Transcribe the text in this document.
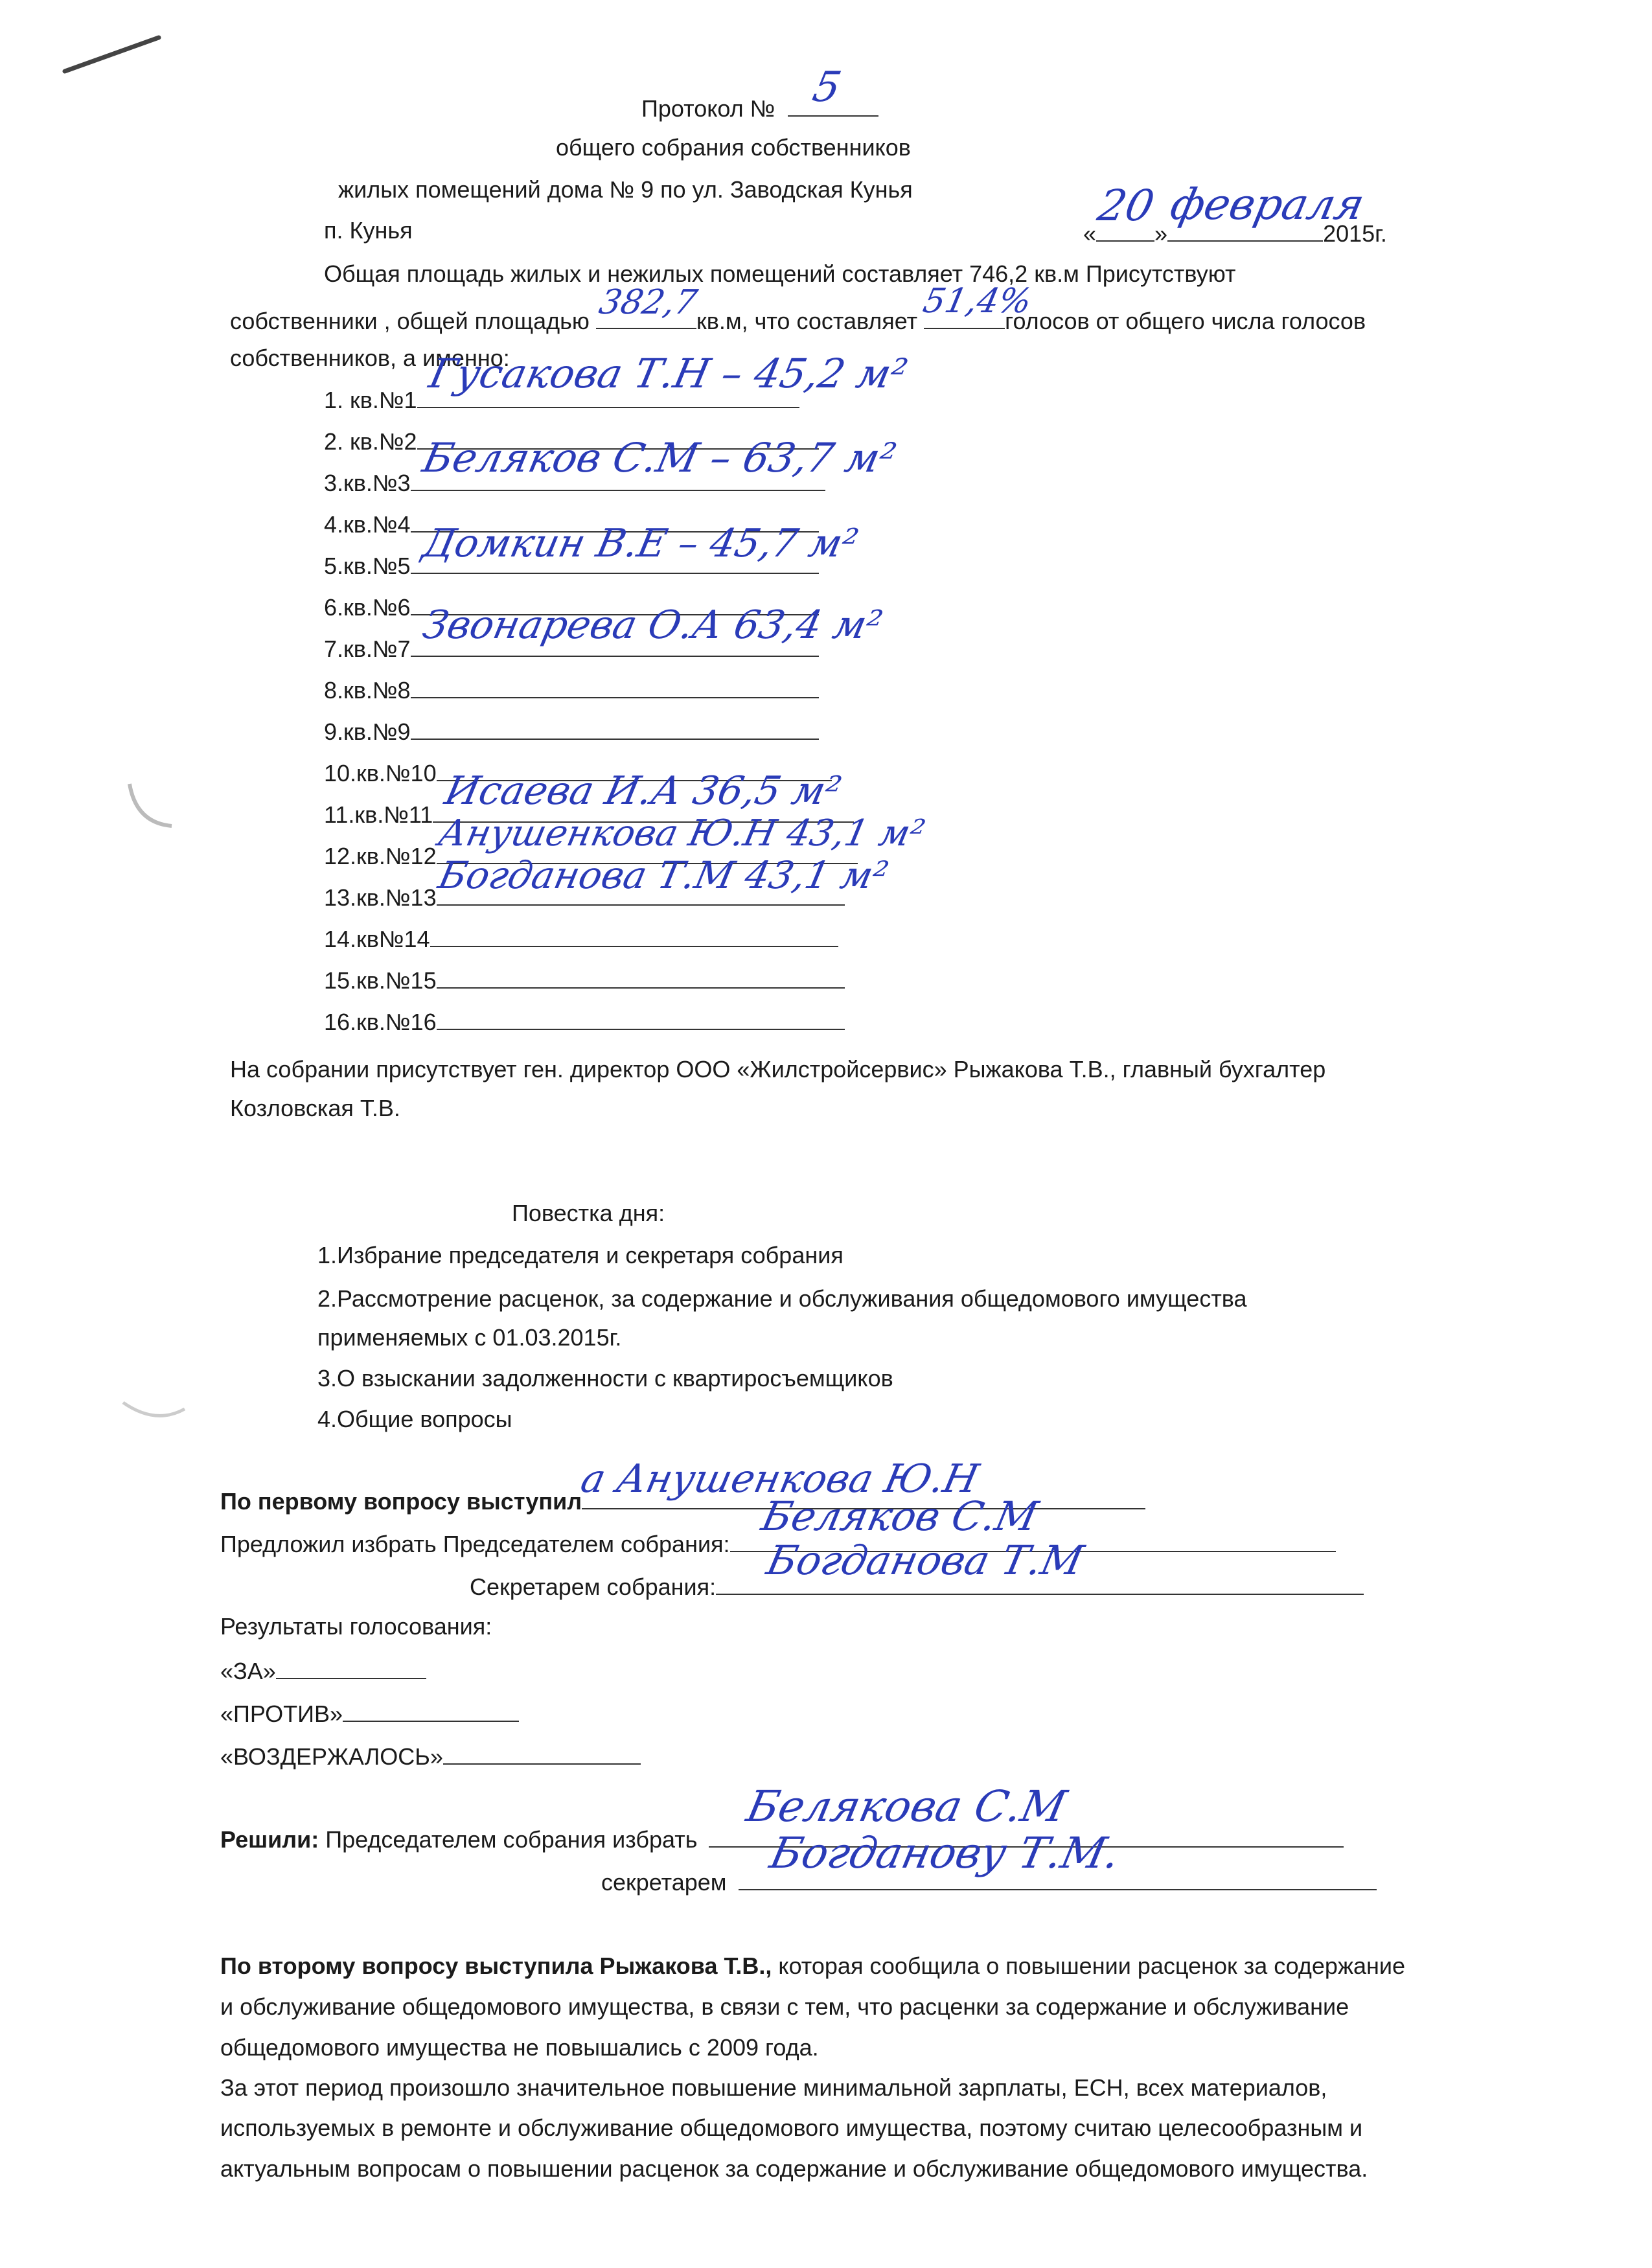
Протокол № 5
общего собрания собственников
жилых помещений дома № 9 по ул. Заводская Кунья
п. Кунья	«
20
»
февраля
2015г.
Общая площадь жилых и нежилых помещений составляет 746,2 кв.м Присутствуют
собственники , общей площадью 382,7
кв.м, что составляет
51,4%
голосов от общего числа голосов
собственников, а именно:
1. кв.№1
Гусакова Т.Н – 45,2 м²
2. кв.№2
3.кв.№3
Беляков С.М – 63,7 м²
4.кв.№4
5.кв.№5 Домкин В.Е – 45,7 м²
6.кв.№6
7.кв.№7
Звонарева О.А 63,4 м²
8.кв.№8
9.кв.№9
10.кв.№10
11.кв.№11
Исаева И.А 36,5 м²
12.кв.№12
Анушенкова Ю.Н 43,1 м²
13.кв.№13
Богданова Т.М 43,1 м²
14.кв№14
15.кв.№15
16.кв.№16
На собрании присутствует ген. директор ООО «Жилстройсервис» Рыжакова Т.В., главный бухгалтер
Козловская Т.В.
Повестка дня:
1.Избрание председателя и секретаря собрания
2.Рассмотрение расценок, за содержание и обслуживания общедомового имущества
применяемых с 01.03.2015г.
3.О взыскании задолженности с квартиросъемщиков
4.Общие вопросы
По первому вопросу выступил
а Анушенкова Ю.Н
Предложил избрать Председателем собрания:
Беляков С.М
Секретарем собрания:
Богданова Т.М
Результаты голосования:
«ЗА»
«ПРОТИВ»
«ВОЗДЕРЖАЛОСЬ»
Решили: Председателем собрания избрать
Белякова С.М
секретарем
Богданову Т.М.
По второму вопросу выступила Рыжакова Т.В., которая сообщила о повышении расценок за содержание
и обслуживание общедомового имущества, в связи с тем, что расценки за содержание и обслуживание
общедомового имущества не повышались с 2009 года.
За этот период произошло значительное повышение минимальной зарплаты, ЕСН, всех материалов,
используемых в ремонте и обслуживание общедомового имущества, поэтому считаю целесообразным и
актуальным вопросам о повышении расценок за содержание и обслуживание общедомового имущества.
